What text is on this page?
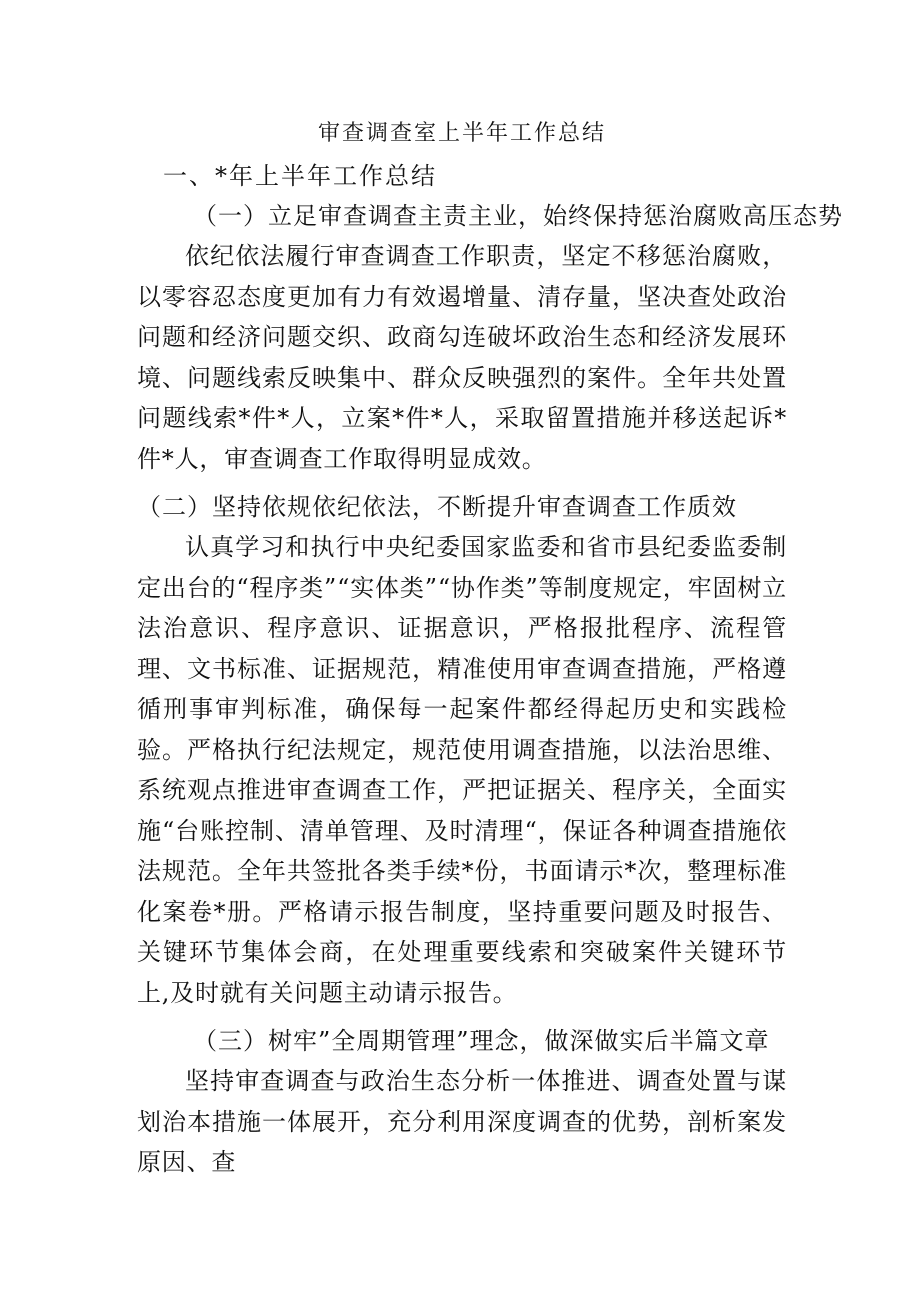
审查调查室上半年工作总结
一、*年上半年工作总结
（一）立足审查调查主责主业，始终保持惩治腐败高压态势

依纪依法履行审查调查工作职责，坚定不移惩治腐败，以零容忍态度更加有力有效遏增量、清存量，坚决查处政治问题和经济问题交织、政商勾连破坏政治生态和经济发展环境、问题线索反映集中、群众反映强烈的案件。全年共处置问题线索*件*人，立案*件*人，采取留置措施并移送起诉*件*人，审查调查工作取得明显成效。

（二）坚持依规依纪依法，不断提升审查调查工作质效

认真学习和执行中央纪委国家监委和省市县纪委监委制定出台的“程序类”“实体类”“协作类”等制度规定，牢固树立法治意识、程序意识、证据意识，严格报批程序、流程管理、文书标准、证据规范，精准使用审查调查措施，严格遵循刑事审判标准，确保每一起案件都经得起历史和实践检验。严格执行纪法规定，规范使用调查措施，以法治思维、系统观点推进审查调查工作，严把证据关、程序关，全面实施“台账控制、清单管理、及时清理“，保证各种调查措施依法规范。全年共签批各类手续*份，书面请示*次，整理标准化案卷*册。严格请示报告制度，坚持重要问题及时报告、关键环节集体会商，在处理重要线索和突破案件关键环节上,及时就有关问题主动请示报告。

（三）树牢”全周期管理”理念，做深做实后半篇文章

坚持审查调查与政治生态分析一体推进、调查处置与谋划治本措施一体展开，充分利用深度调查的优势，剖析案发原因、查
